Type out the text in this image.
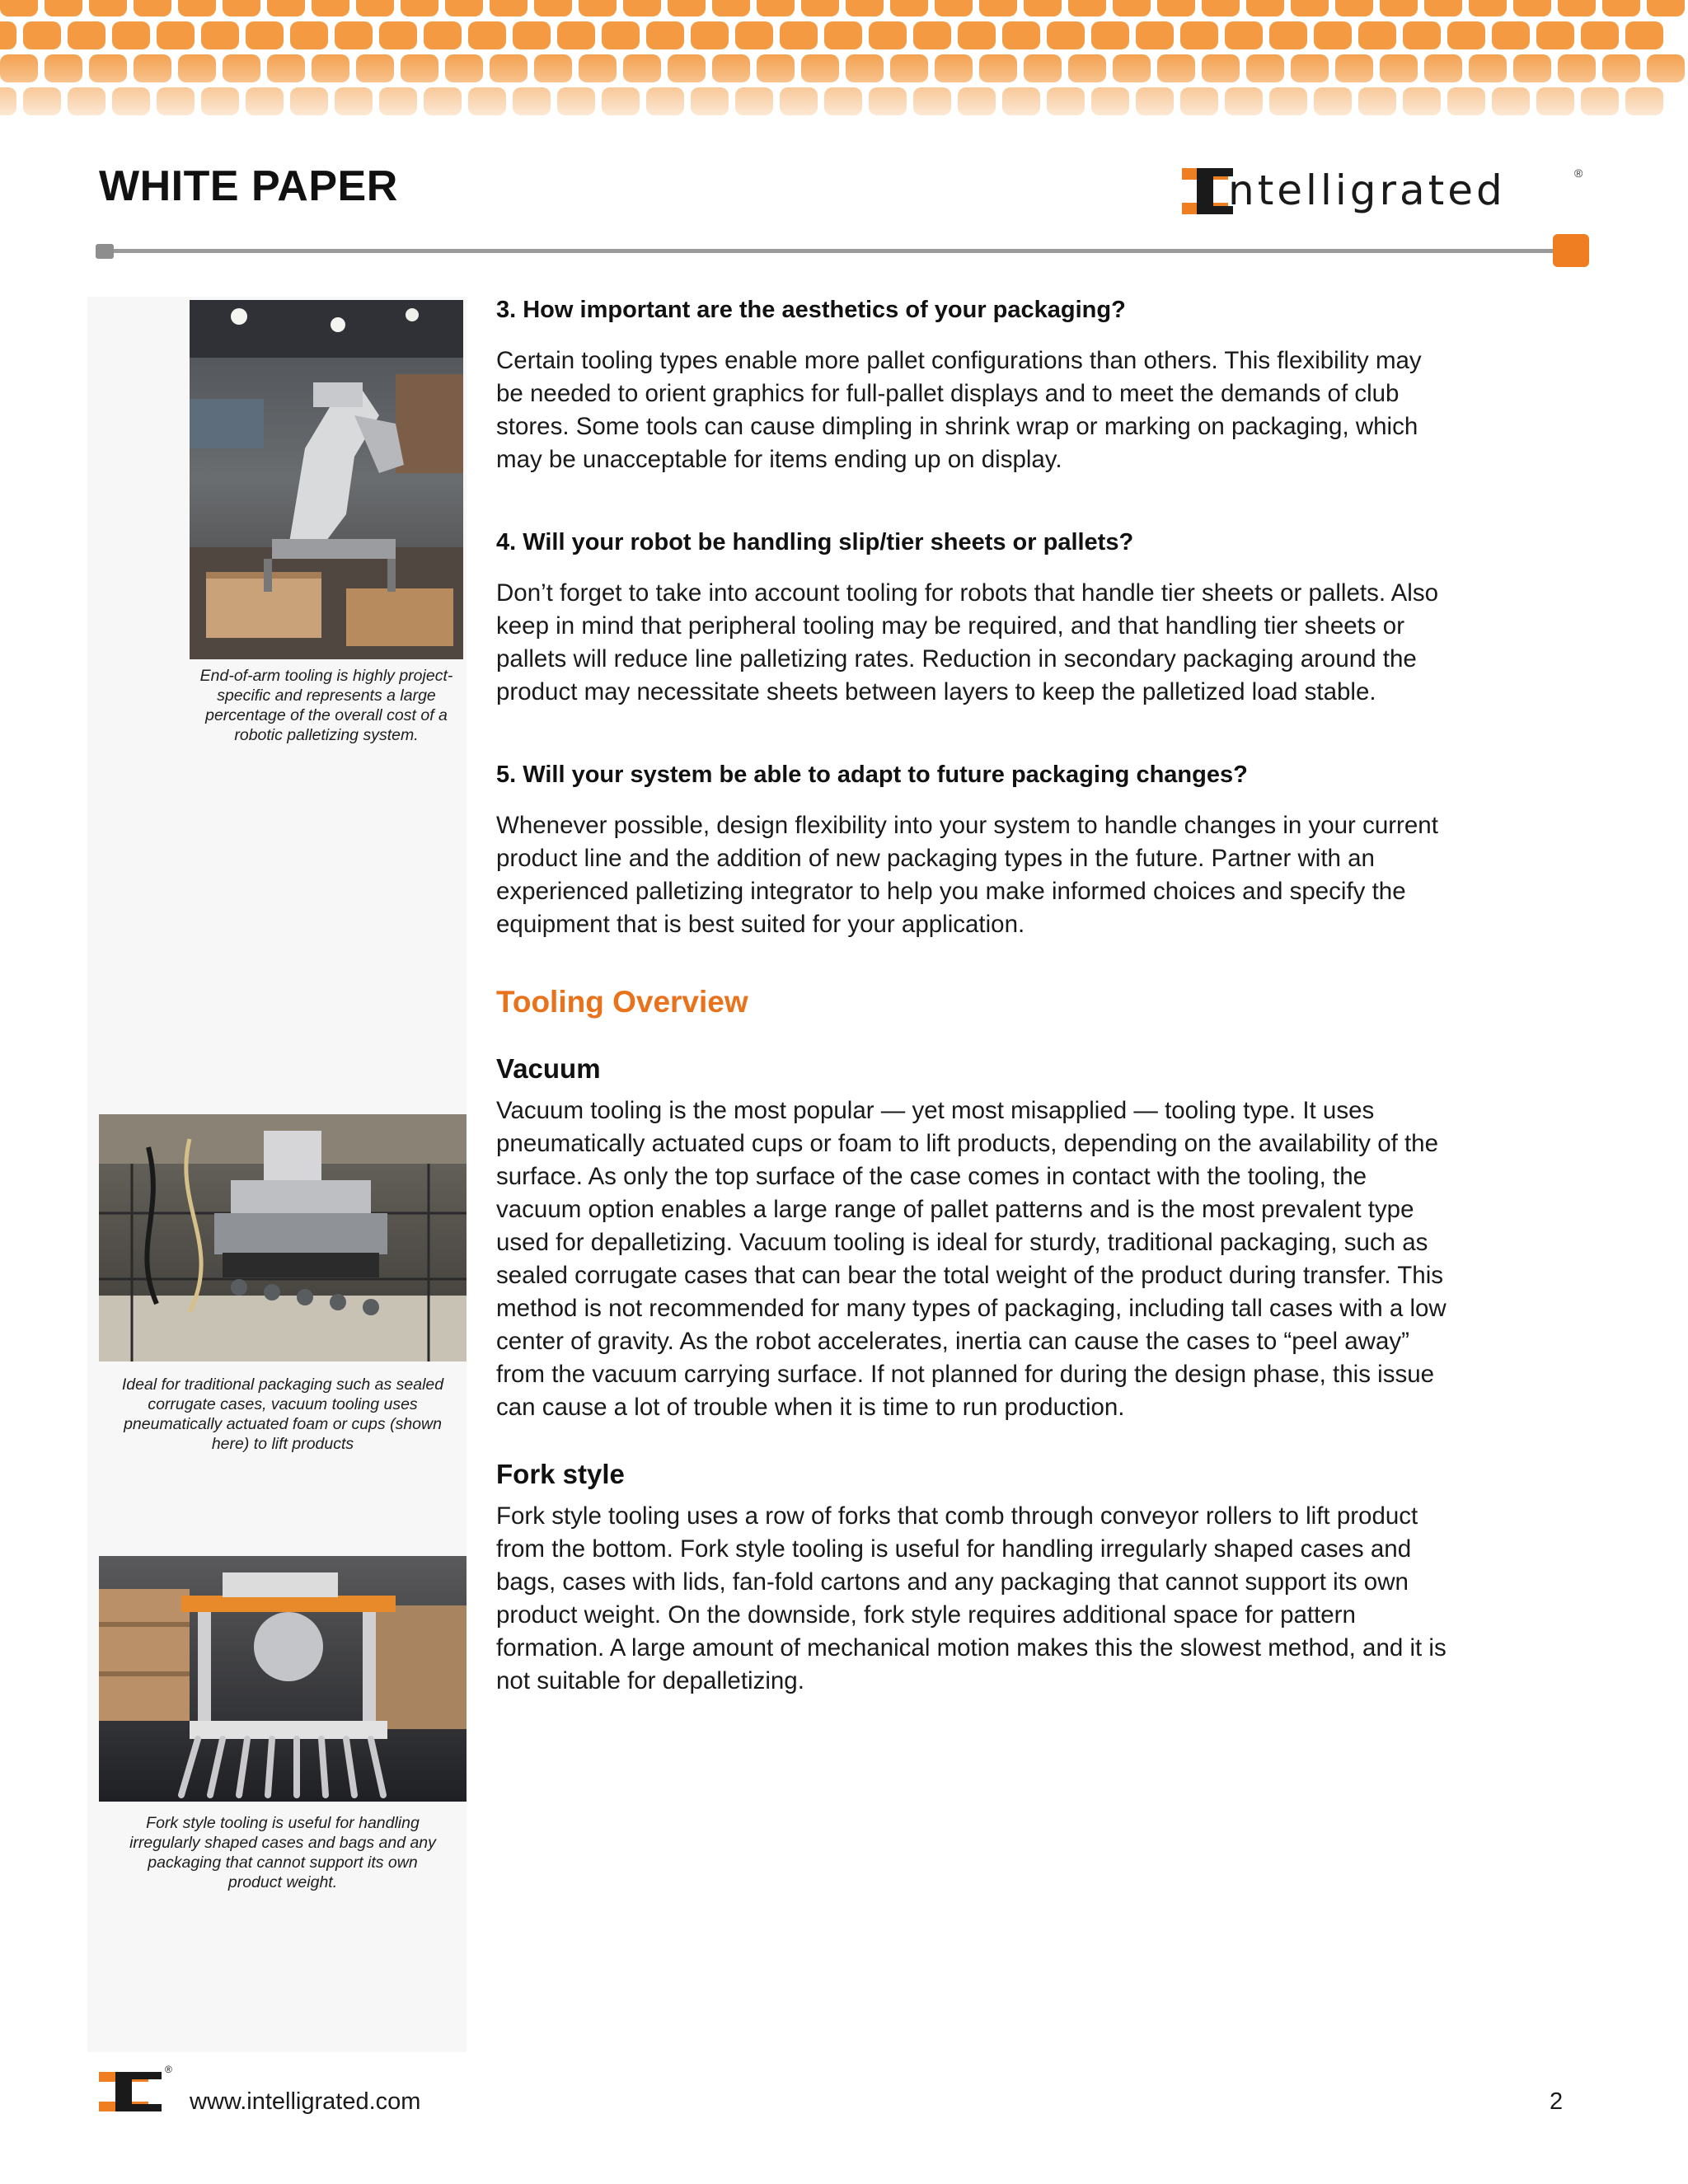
WHITE PAPER	ntelligrated	®

End-of-arm tooling is highly project-specific and represents a large percentage of the overall cost of a robotic palletizing system.

Ideal for traditional packaging such as sealed corrugate cases, vacuum tooling uses pneumatically actuated foam or cups (shown here) to lift products

Fork style tooling is useful for handling irregularly shaped cases and bags and any packaging that cannot support its own product weight.

3. How important are the aesthetics of your packaging?

Certain tooling types enable more pallet configurations than others. This flexibility may be needed to orient graphics for full-pallet displays and to meet the demands of club stores. Some tools can cause dimpling in shrink wrap or marking on packaging, which may be unacceptable for items ending up on display.

4. Will your robot be handling slip/tier sheets or pallets?

Don’t forget to take into account tooling for robots that handle tier sheets or pallets. Also keep in mind that peripheral tooling may be required, and that handling tier sheets or pallets will reduce line palletizing rates. Reduction in secondary packaging around the product may necessitate sheets between layers to keep the palletized load stable.

5. Will your system be able to adapt to future packaging changes?

Whenever possible, design flexibility into your system to handle changes in your current product line and the addition of new packaging types in the future. Partner with an experienced palletizing integrator to help you make informed choices and specify the equipment that is best suited for your application.

Tooling Overview
Vacuum

Vacuum tooling is the most popular — yet most misapplied — tooling type. It uses pneumatically actuated cups or foam to lift products, depending on the availability of the surface. As only the top surface of the case comes in contact with the tooling, the vacuum option enables a large range of pallet patterns and is the most prevalent type used for depalletizing. Vacuum tooling is ideal for sturdy, traditional packaging, such as sealed corrugate cases that can bear the total weight of the product during transfer. This method is not recommended for many types of packaging, including tall cases with a low center of gravity. As the robot accelerates, inertia can cause the cases to “peel away” from the vacuum carrying surface. If not planned for during the design phase, this issue can cause a lot of trouble when it is time to run production.

Fork style

Fork style tooling uses a row of forks that comb through conveyor rollers to lift product from the bottom. Fork style tooling is useful for handling irregularly shaped cases and bags, cases with lids, fan-fold cartons and any packaging that cannot support its own product weight. On the downside, fork style requires additional space for pattern formation. A large amount of mechanical motion makes this the slowest method, and it is not suitable for depalletizing.

®

www.intelligrated.com	2
